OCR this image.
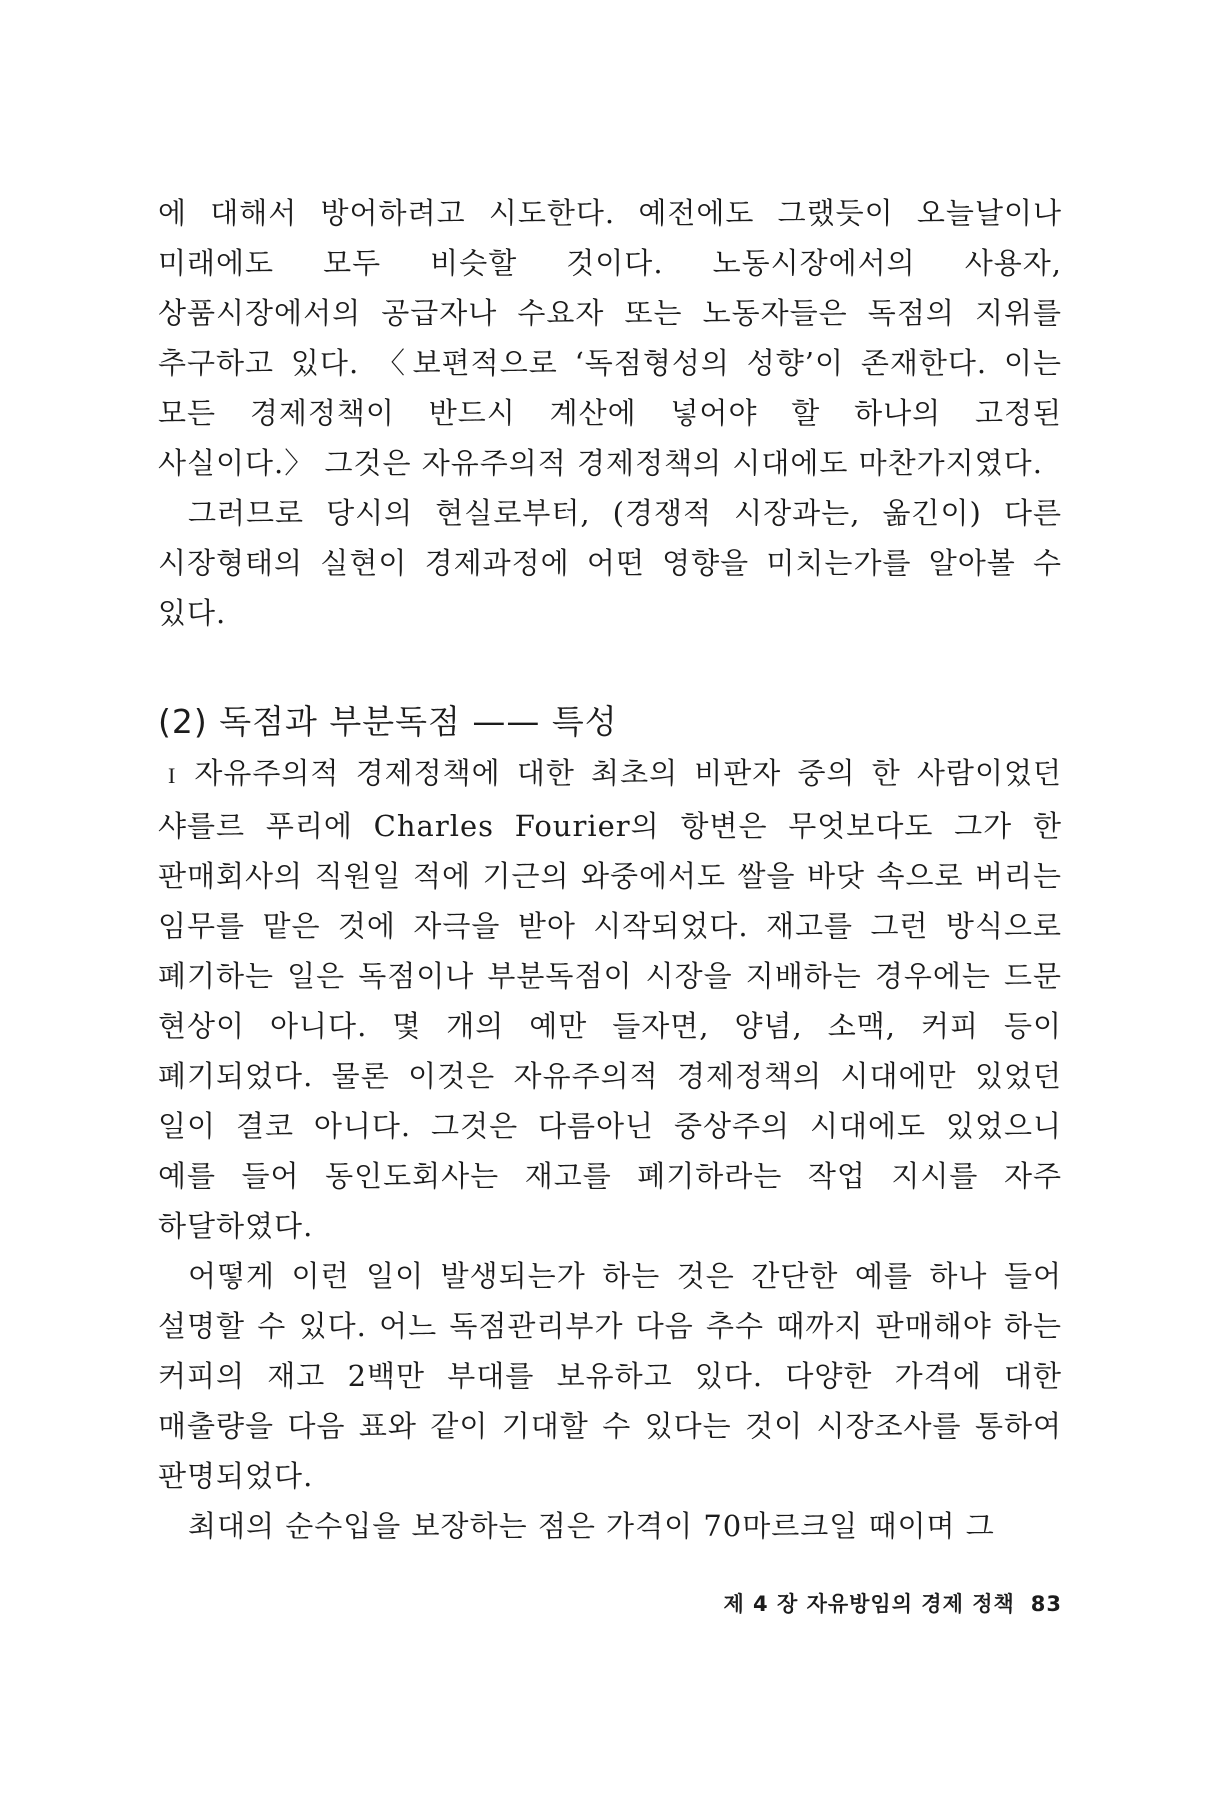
에 대해서 방어하려고 시도한다. 예전에도 그랬듯이 오늘날이나 미래에도 모두 비슷할 것이다. 노동시장에서의 사용자, 상품시장에서의 공급자나 수요자 또는 노동자들은 독점의 지위를 추구하고 있다. 〈보편적으로 ‘독점형성의 성향’이 존재한다. 이는 모든 경제정책이 반드시 계산에 넣어야 할 하나의 고정된 사실이다.〉 그것은 자유주의적 경제정책의 시대에도 마찬가지였다.

그러므로 당시의 현실로부터, (경쟁적 시장과는, 옮긴이) 다른 시장형태의 실현이 경제과정에 어떤 영향을 미치는가를 알아볼 수 있다.

(2) 독점과 부분독점 —— 특성

I 자유주의적 경제정책에 대한 최초의 비판자 중의 한 사람이었던 샤를르 푸리에 Charles Fourier의 항변은 무엇보다도 그가 한 판매회사의 직원일 적에 기근의 와중에서도 쌀을 바닷 속으로 버리는 임무를 맡은 것에 자극을 받아 시작되었다. 재고를 그런 방식으로 폐기하는 일은 독점이나 부분독점이 시장을 지배하는 경우에는 드문 현상이 아니다. 몇 개의 예만 들자면, 양념, 소맥, 커피 등이 폐기되었다. 물론 이것은 자유주의적 경제정책의 시대에만 있었던 일이 결코 아니다. 그것은 다름아닌 중상주의 시대에도 있었으니 예를 들어 동인도회사는 재고를 폐기하라는 작업 지시를 자주 하달하였다.

어떻게 이런 일이 발생되는가 하는 것은 간단한 예를 하나 들어 설명할 수 있다. 어느 독점관리부가 다음 추수 때까지 판매해야 하는 커피의 재고 2백만 부대를 보유하고 있다. 다양한 가격에 대한 매출량을 다음 표와 같이 기대할 수 있다는 것이 시장조사를 통하여 판명되었다.

최대의 순수입을 보장하는 점은 가격이 70마르크일 때이며 그

제 4 장 자유방임의 경제 정책 83
